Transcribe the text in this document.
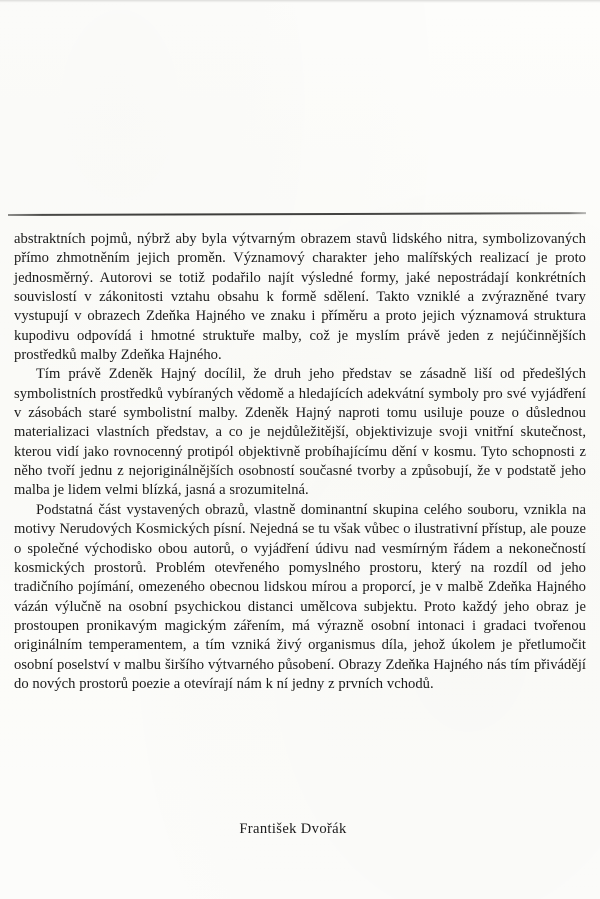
abstraktních pojmů, nýbrž aby byla výtvarným obrazem stavů lidského nitra, symbolizovaných přímo zhmotněním jejich proměn. Významový charakter jeho malířských realizací je proto jednosměrný. Autorovi se totiž podařilo najít výsledné formy, jaké nepostrádají konkrétních souvislostí v zákonitosti vztahu obsahu k formě sdělení. Takto vzniklé a zvýrazněné tvary vystupují v obrazech Zdeňka Hajného ve znaku i příměru a proto jejich významová struktura kupodivu odpovídá i hmotné struktuře malby, což je myslím právě jeden z nejúčinnějších prostředků malby Zdeňka Hajného.

Tím právě Zdeněk Hajný docílil, že druh jeho představ se zásadně liší od předešlých symbolistních prostředků vybíraných vědomě a hledajících adekvátní symboly pro své vyjádření v zásobách staré symbolistní malby. Zdeněk Hajný naproti tomu usiluje pouze o důslednou materializaci vlastních představ, a co je nejdůležitější, objektivizuje svoji vnitřní skutečnost, kterou vidí jako rovnocenný protipól objektivně probíhajícímu dění v kosmu. Tyto schopnosti z něho tvoří jednu z nejoriginálnějších osobností současné tvorby a způsobují, že v podstatě jeho malba je lidem velmi blízká, jasná a srozumitelná.

Podstatná část vystavených obrazů, vlastně dominantní skupina celého souboru, vznikla na motivy Nerudových Kosmických písní. Nejedná se tu však vůbec o ilustrativní přístup, ale pouze o společné východisko obou autorů, o vyjádření údivu nad vesmírným řádem a nekonečností kosmických prostorů. Problém otevřeného pomyslného prostoru, který na rozdíl od jeho tradičního pojímání, omezeného obecnou lidskou mírou a proporcí, je v malbě Zdeňka Hajného vázán výlučně na osobní psychickou distanci umělcova subjektu. Proto každý jeho obraz je prostoupen pronikavým magickým zářením, má výrazně osobní intonaci i gradaci tvořenou originálním temperamentem, a tím vzniká živý organismus díla, jehož úkolem je přetlumočit osobní poselství v malbu širšího výtvarného působení. Obrazy Zdeňka Hajného nás tím přivádějí do nových prostorů poezie a otevírají nám k ní jedny z prvních vchodů.

František Dvořák
